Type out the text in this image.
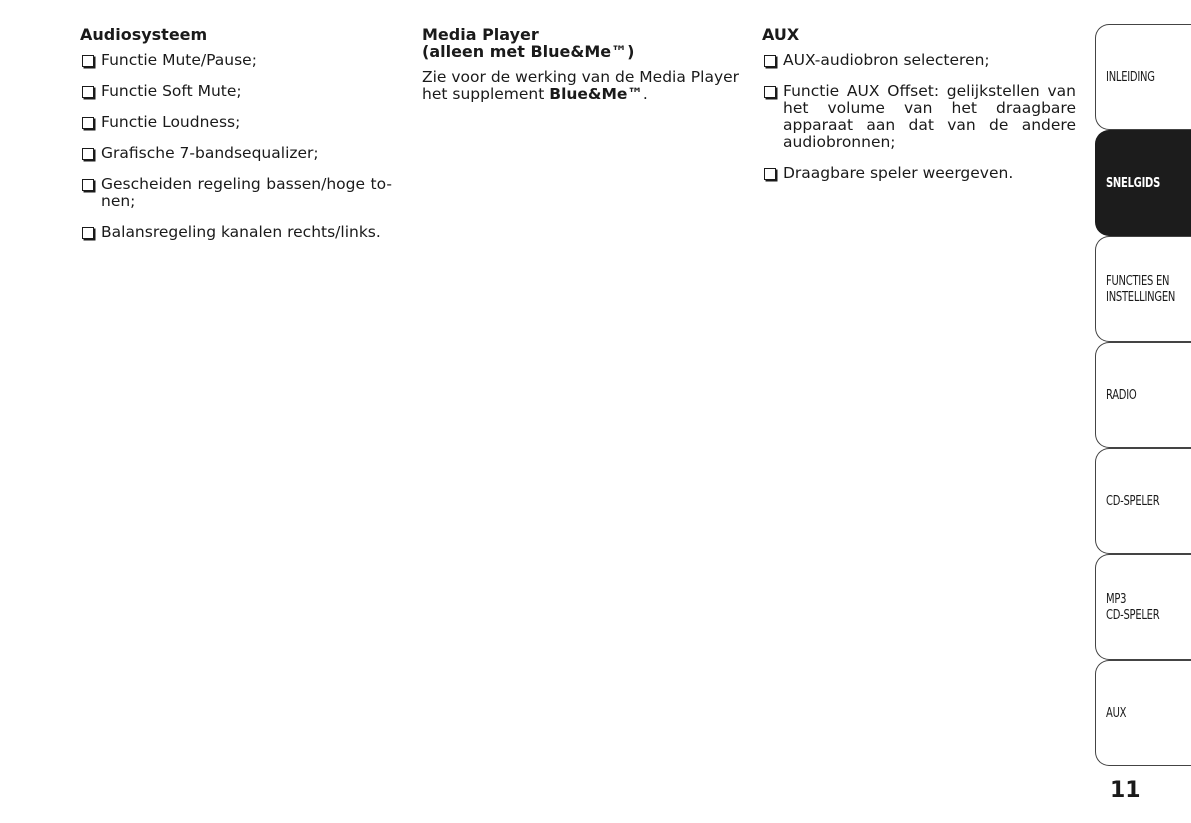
Audiosysteem
Functie Mute/Pause;
Functie Soft Mute;
Functie Loudness;
Grafische 7-bandsequalizer;
Gescheiden regeling bassen/hoge to-nen;
Balansregeling kanalen rechts/links.
Media Player
(alleen met Blue&Me™)

Zie voor de werking van de Media Player het supplement Blue&Me™.

AUX
AUX-audiobron selecteren;
Functie AUX Offset: gelijkstellen van het volume van het draagbare apparaat aan dat van de andere audiobronnen;
Draagbare speler weergeven.
INLEIDING
SNELGIDS
FUNCTIES EN
INSTELLINGEN
RADIO
CD-SPELER
MP3
CD-SPELER
AUX
11
